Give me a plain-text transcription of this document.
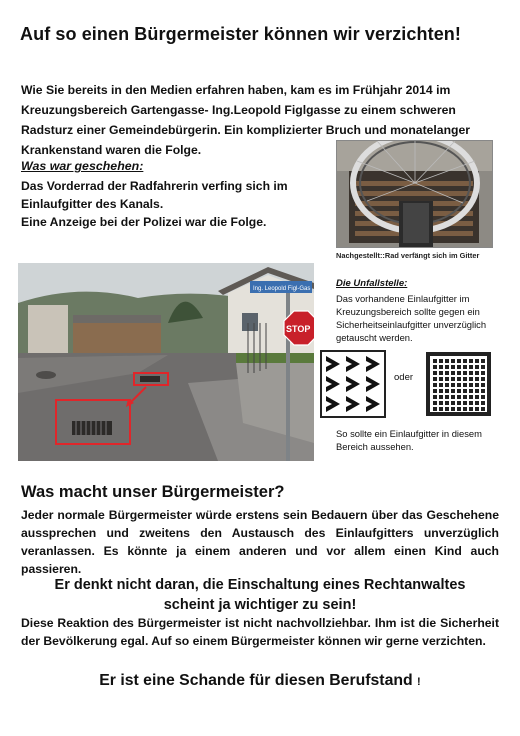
Auf so einen Bürgermeister können wir verzichten!
Wie Sie bereits in den Medien erfahren haben, kam es im Frühjahr 2014 im Kreuzungsbereich Gartengasse- Ing.Leopold Figlgasse zu einem schweren Radsturz einer Gemeindebürgerin. Ein komplizierter Bruch und monatelanger Krankenstand waren die Folge.
Was war geschehen:
Das Vorderrad der Radfahrerin verfing sich im Einlaufgitter des Kanals.
Eine Anzeige bei der Polizei war die Folge.
Nachgestellt::Rad verfängt sich im Gitter
Ing. Leopold Figl-Gas
STOP
Die Unfallstelle:
Das vorhandene Einlaufgitter im Kreuzungsbereich sollte gegen ein Sicherheitseinlaufgitter unverzüglich getauscht werden.
oder
So sollte ein Einlaufgitter in diesem Bereich aussehen.
Was macht unser Bürgermeister?
Jeder normale Bürgermeister würde erstens sein Bedauern über das Geschehene aussprechen und zweitens den Austausch des Einlaufgitters unverzüglich veranlassen. Es könnte ja einem anderen und vor allem einen Kind auch passieren.
Er denkt nicht daran, die Einschaltung eines Rechtanwaltes
scheint ja wichtiger zu sein!
Diese Reaktion des Bürgermeister ist nicht nachvollziehbar. Ihm ist die Sicherheit der Bevölkerung egal. Auf so einem Bürgermeister können wir gerne verzichten.
Er ist eine Schande für diesen Berufstand !
